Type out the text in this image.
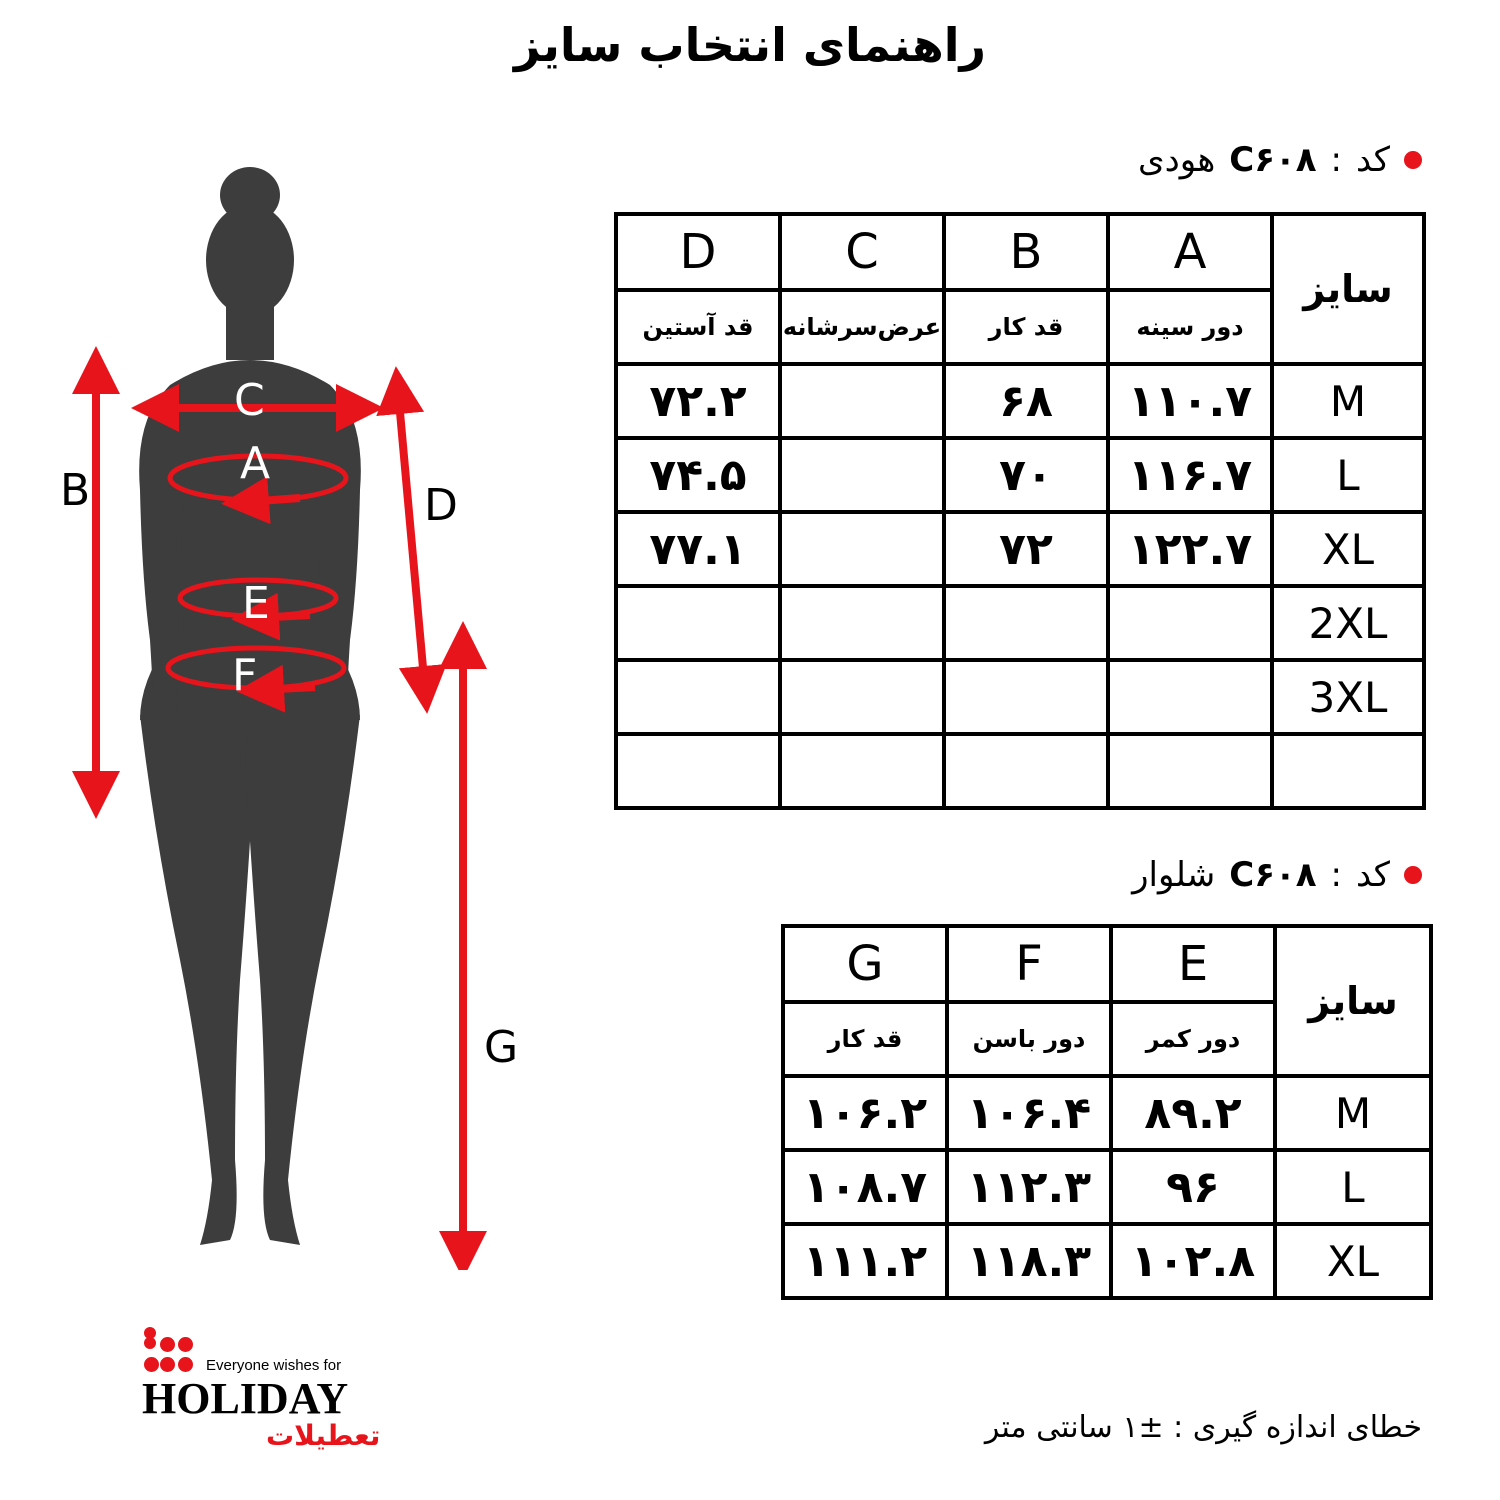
راهنمای انتخاب سایز
کد
:
C۶۰۸
هودی
سایز	A	B	C	D
	دور سینه	قد کار	عرض‌سرشانه	قد آستین
M	۱۱۰.۷	۶۸		۷۲.۲
L	۱۱۶.۷	۷۰		۷۴.۵
XL	۱۲۲.۷	۷۲		۷۷.۱
2XL				
3XL				

کد
:
C۶۰۸
شلوار
سایز	E	F	G
	دور کمر	دور باسن	قد کار
M	۸۹.۲	۱۰۶.۴	۱۰۶.۲
L	۹۶	۱۱۲.۳	۱۰۸.۷
XL	۱۰۲.۸	۱۱۸.۳	۱۱۱.۲
B
C
A
D
E
F
G
خطای اندازه گیری : ±۱ سانتی متر
Everyone wishes for
HOLIDAY
تعطیلات
